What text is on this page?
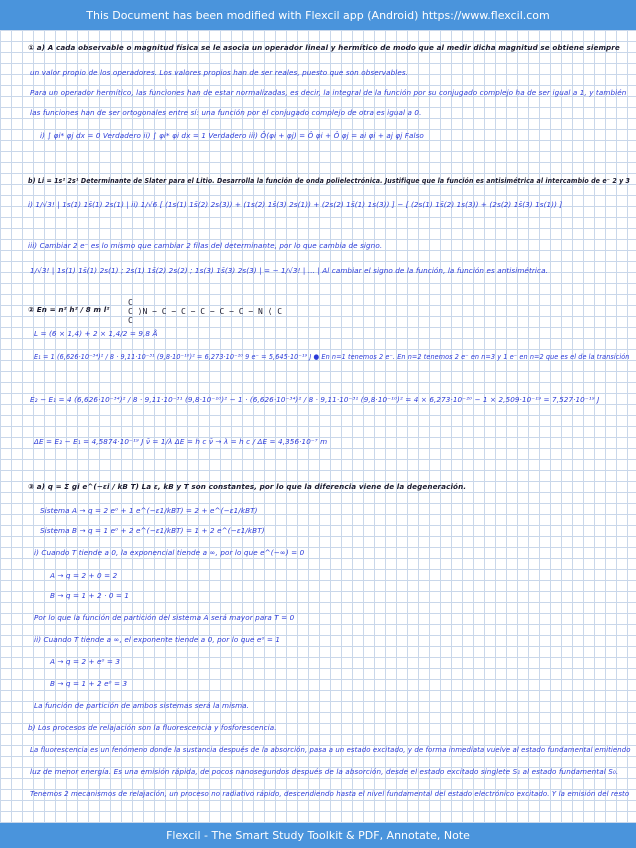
This Document has been modified with Flexcil app (Android) https://www.flexcil.com
① a) A cada observable o magnitud física se le asocia un operador lineal y hermítico de modo que al medir dicha magnitud se obtiene siempre
un valor propio de los operadores. Los valores propios han de ser reales, puesto que son observables.
Para un operador hermítico, las funciones han de estar normalizadas, es decir, la integral de la función por su conjugado complejo ha de ser igual a 1, y también
las funciones han de ser ortogonales entre sí: una función por el conjugado complejo de otra es igual a 0.
i) ∫ φi* φj dx = 0 Verdadero ii) ∫ φi* φi dx = 1 Verdadero iii) Ô(φi + φj) = Ô φi + Ô φj = ai φi + aj φj Falso
b) Li = 1s² 2s¹ Determinante de Slater para el Litio. Desarrolla la función de onda polielectrónica. Justifique que la función es antisimétrica al intercambio de e⁻ 2 y 3
i) 1/√3! | 1s(1) 1s̄(1) 2s(1) | ii) 1/√6 [ (1s(1) 1s̄(2) 2s(3)) + (1s(2) 1s̄(3) 2s(1)) + (2s(2) 1s̄(1) 1s(3)) ] − [ (2s(1) 1s̄(2) 1s(3)) + (2s(2) 1s̄(3) 1s(1)) ]
iii) Cambiar 2 e⁻ es lo mismo que cambiar 2 filas del determinante, por lo que cambia de signo.
1/√3! | 1s(1) 1s̄(1) 2s(1) ; 2s(1) 1s̄(2) 2s(2) ; 1s(3) 1s̄(3) 2s(3) | = − 1/√3! | ... | Al cambiar el signo de la función, la función es antisimétrica.
② En = n² h² / 8 m l²
C
C ⟩N − C − C − C − C − C − N ⟨ C
C
L = (6 × 1,4) + 2 × 1,4/2 = 9,8 Å
E₁ = 1 (6,626·10⁻³⁴)² / 8 · 9,11·10⁻³¹ (9,8·10⁻¹⁰)² = 6,273·10⁻²⁰ 9 e⁻ = 5,645·10⁻¹⁹ J ● En n=1 tenemos 2 e⁻. En n=2 tenemos 2 e⁻ en n=3 y 1 e⁻ en n=2 que es el de la transición
E₂ − E₁ = 4 (6,626·10⁻³⁴)² / 8 · 9,11·10⁻³¹ (9,8·10⁻¹⁰)² − 1 · (6,626·10⁻³⁴)² / 8 · 9,11·10⁻³¹ (9,8·10⁻¹⁰)² = 4 × 6,273·10⁻²⁰ − 1 × 2,509·10⁻¹⁹ = 7,527·10⁻¹⁹ J
ΔE = E₂ − E₁ = 4,5874·10⁻¹⁹ J ν̄ = 1/λ ΔE = h c ν̄ → λ = h c / ΔE = 4,356·10⁻⁷ m
③ a) q = Σ gi e^(−εi / kB T) La ε, kB y T son constantes, por lo que la diferencia viene de la degeneración.
Sistema A → q = 2 e⁰ + 1 e^(−ε1/kBT) = 2 + e^(−ε1/kBT)
Sistema B → q = 1 e⁰ + 2 e^(−ε1/kBT) = 1 + 2 e^(−ε1/kBT)
i) Cuando T tiende a 0, la exponencial tiende a ∞, por lo que e^(−∞) = 0
A → q = 2 + 0 = 2
B → q = 1 + 2 · 0 = 1
Por lo que la función de partición del sistema A será mayor para T = 0
ii) Cuando T tiende a ∞, el exponente tiende a 0, por lo que e⁰ = 1
A → q = 2 + e⁰ = 3
B → q = 1 + 2 e⁰ = 3
La función de partición de ambos sistemas será la misma.
b) Los procesos de relajación son la fluorescencia y fosforescencia.
La fluorescencia es un fenómeno donde la sustancia después de la absorción, pasa a un estado excitado, y de forma inmediata vuelve al estado fundamental emitiendo
luz de menor energía. Es una emisión rápida, de pocos nanosegundos después de la absorción, desde el estado excitado singlete S₁ al estado fundamental S₀.
Tenemos 2 mecanismos de relajación, un proceso no radiativo rápido, descendiendo hasta el nivel fundamental del estado electrónico excitado. Y la emisión del resto
Flexcil - The Smart Study Toolkit & PDF, Annotate, Note
